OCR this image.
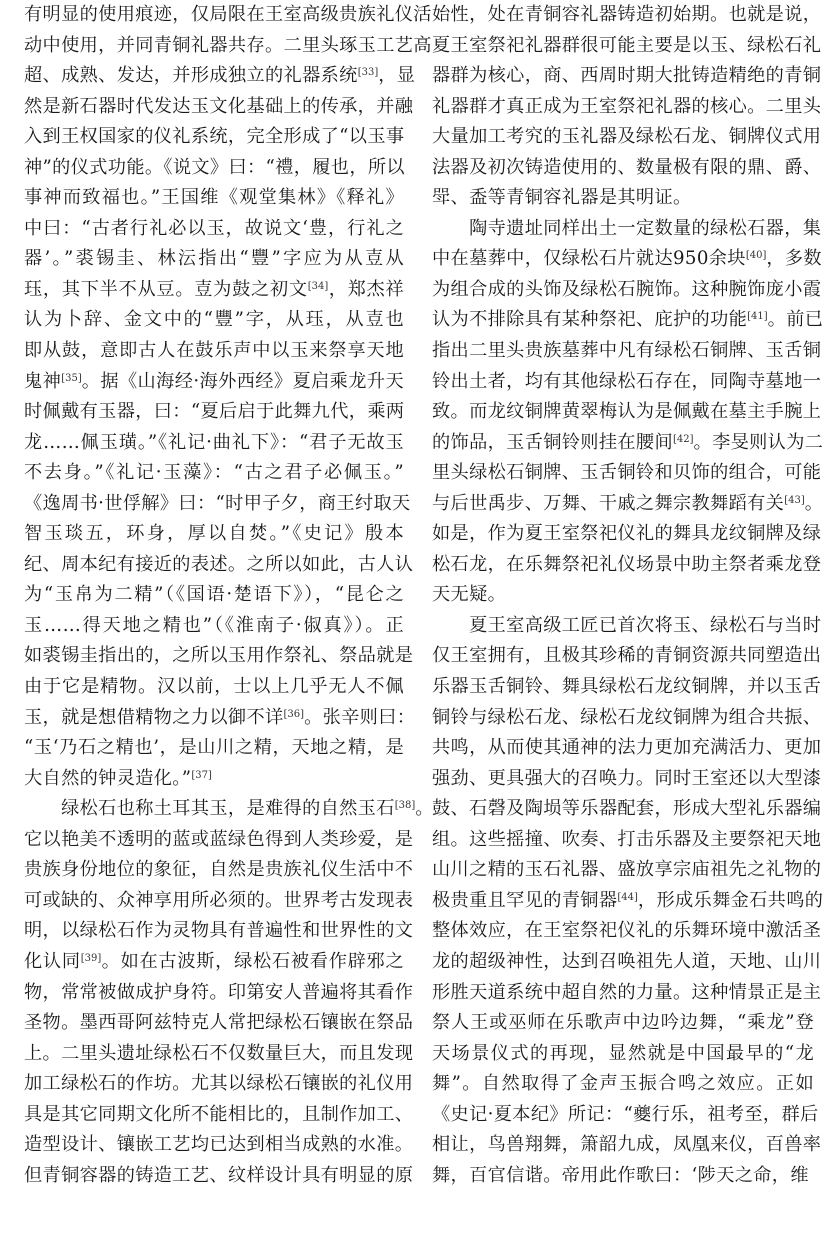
有明显的使用痕迹，仅局限在王室高级贵族礼仪活
动中使用，并同青铜礼器共存。二里头琢玉工艺高
超、成熟、发达，并形成独立的礼器系统[33]，显
然是新石器时代发达玉文化基础上的传承，并融
入到王权国家的仪礼系统，完全形成了“以玉事
神”的仪式功能。《说文》曰：“禮，履也，所以
事神而致福也。”王国维《观堂集林》《释礼》
中曰：“古者行礼必以玉，故说文‘豊，行礼之
器’。”裘锡圭、林沄指出“豐”字应为从壴从
珏，其下半不从豆。壴为鼓之初文[34]，郑杰祥
认为卜辞、金文中的“豐”字，从珏，从壴也
即从鼓，意即古人在鼓乐声中以玉来祭享天地
鬼神[35]。据《山海经·海外西经》夏启乘龙升天
时佩戴有玉器，曰：“夏后启于此舞九代，乘两
龙……佩玉璜。”《礼记·曲礼下》：“君子无故玉
不去身。”《礼记·玉藻》：“古之君子必佩玉。”
《逸周书·世俘解》曰：“时甲子夕，商王纣取天
智玉琰五，环身，厚以自焚。”《史记》殷本
纪、周本纪有接近的表述。之所以如此，古人认
为“玉帛为二精”（《国语·楚语下》），“昆仑之
玉……得天地之精也”（《淮南子·俶真》）。正
如裘锡圭指出的，之所以玉用作祭礼、祭品就是
由于它是精物。汉以前，士以上几乎无人不佩
玉，就是想借精物之力以御不详[36]。张辛则曰：
“玉‘乃石之精也’，是山川之精，天地之精，是
大自然的钟灵造化。”[37]
　　绿松石也称土耳其玉，是难得的自然玉石[38]。
它以艳美不透明的蓝或蓝绿色得到人类珍爱，是
贵族身份地位的象征，自然是贵族礼仪生活中不
可或缺的、众神享用所必须的。世界考古发现表
明，以绿松石作为灵物具有普遍性和世界性的文
化认同[39]。如在古波斯，绿松石被看作辟邪之
物，常常被做成护身符。印第安人普遍将其看作
圣物。墨西哥阿兹特克人常把绿松石镶嵌在祭品
上。二里头遗址绿松石不仅数量巨大，而且发现
加工绿松石的作坊。尤其以绿松石镶嵌的礼仪用
具是其它同期文化所不能相比的，且制作加工、
造型设计、镶嵌工艺均已达到相当成熟的水准。
但青铜容器的铸造工艺、纹样设计具有明显的原
始性，处在青铜容礼器铸造初始期。也就是说，
夏王室祭祀礼器群很可能主要是以玉、绿松石礼
器群为核心，商、西周时期大批铸造精绝的青铜
礼器群才真正成为王室祭祀礼器的核心。二里头
大量加工考究的玉礼器及绿松石龙、铜牌仪式用
法器及初次铸造使用的、数量极有限的鼎、爵、
斝、盉等青铜容礼器是其明证。
　　陶寺遗址同样出土一定数量的绿松石器，集
中在墓葬中，仅绿松石片就达950余块[40]，多数
为组合成的头饰及绿松石腕饰。这种腕饰庞小霞
认为不排除具有某种祭祀、庇护的功能[41]。前已
指出二里头贵族墓葬中凡有绿松石铜牌、玉舌铜
铃出土者，均有其他绿松石存在，同陶寺墓地一
致。而龙纹铜牌黄翠梅认为是佩戴在墓主手腕上
的饰品，玉舌铜铃则挂在腰间[42]。李旻则认为二
里头绿松石铜牌、玉舌铜铃和贝饰的组合，可能
与后世禹步、万舞、干戚之舞宗教舞蹈有关[43]。
如是，作为夏王室祭祀仪礼的舞具龙纹铜牌及绿
松石龙，在乐舞祭祀礼仪场景中助主祭者乘龙登
天无疑。
　　夏王室高级工匠已首次将玉、绿松石与当时
仅王室拥有，且极其珍稀的青铜资源共同塑造出
乐器玉舌铜铃、舞具绿松石龙纹铜牌，并以玉舌
铜铃与绿松石龙、绿松石龙纹铜牌为组合共振、
共鸣，从而使其通神的法力更加充满活力、更加
强劲、更具强大的召唤力。同时王室还以大型漆
鼓、石磬及陶埙等乐器配套，形成大型礼乐器编
组。这些摇撞、吹奏、打击乐器及主要祭祀天地
山川之精的玉石礼器、盛放享宗庙祖先之礼物的
极贵重且罕见的青铜器[44]，形成乐舞金石共鸣的
整体效应，在王室祭祀仪礼的乐舞环境中激活圣
龙的超级神性，达到召唤祖先人道，天地、山川
形胜天道系统中超自然的力量。这种情景正是主
祭人王或巫师在乐歌声中边吟边舞，“乘龙”登
天场景仪式的再现，显然就是中国最早的“龙
舞”。自然取得了金声玉振合鸣之效应。正如
《史记·夏本纪》所记：“夔行乐，祖考至，群后
相让，鸟兽翔舞，箫韶九成，凤凰来仪，百兽率
舞，百官信谐。帝用此作歌曰：‘陟天之命，维
